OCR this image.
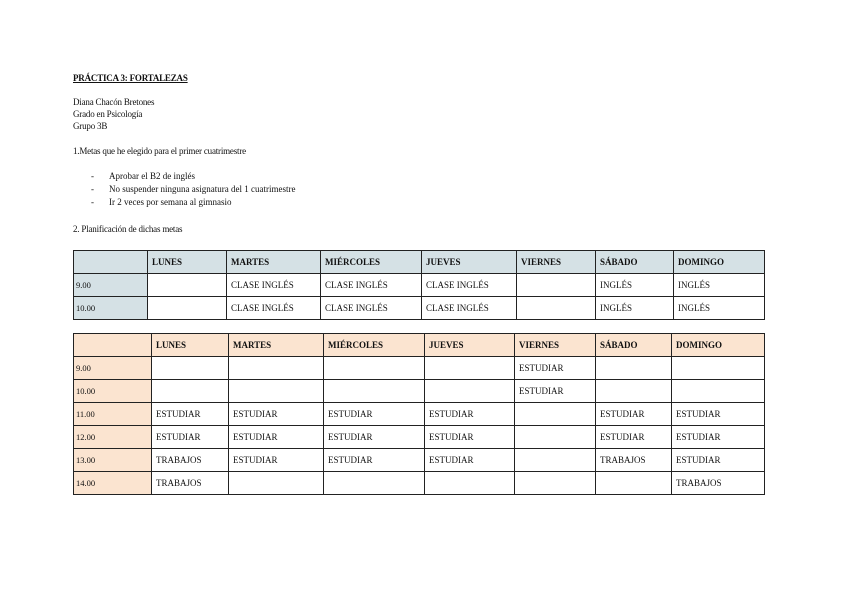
PRÁCTICA 3: FORTALEZAS
Diana Chacón Bretones
Grado en Psicología
Grupo 3B
1.Metas que he elegido para el primer cuatrimestre
- Aprobar el B2 de inglés
- No suspender ninguna asignatura del 1 cuatrimestre
- Ir 2 veces por semana al gimnasio
2. Planificación de dichas metas
	LUNES	MARTES	MIÉRCOLES	JUEVES	VIERNES	SÁBADO	DOMINGO
9.00		CLASE INGLÉS	CLASE INGLÉS	CLASE INGLÉS		INGLÉS	INGLÉS
10.00		CLASE INGLÉS	CLASE INGLÉS	CLASE INGLÉS		INGLÉS	INGLÉS
	LUNES	MARTES	MIÉRCOLES	JUEVES	VIERNES	SÁBADO	DOMINGO
9.00					ESTUDIAR		
10.00					ESTUDIAR		
11.00	ESTUDIAR	ESTUDIAR	ESTUDIAR	ESTUDIAR		ESTUDIAR	ESTUDIAR
12.00	ESTUDIAR	ESTUDIAR	ESTUDIAR	ESTUDIAR		ESTUDIAR	ESTUDIAR
13.00	TRABAJOS	ESTUDIAR	ESTUDIAR	ESTUDIAR		TRABAJOS	ESTUDIAR
14.00	TRABAJOS						TRABAJOS
